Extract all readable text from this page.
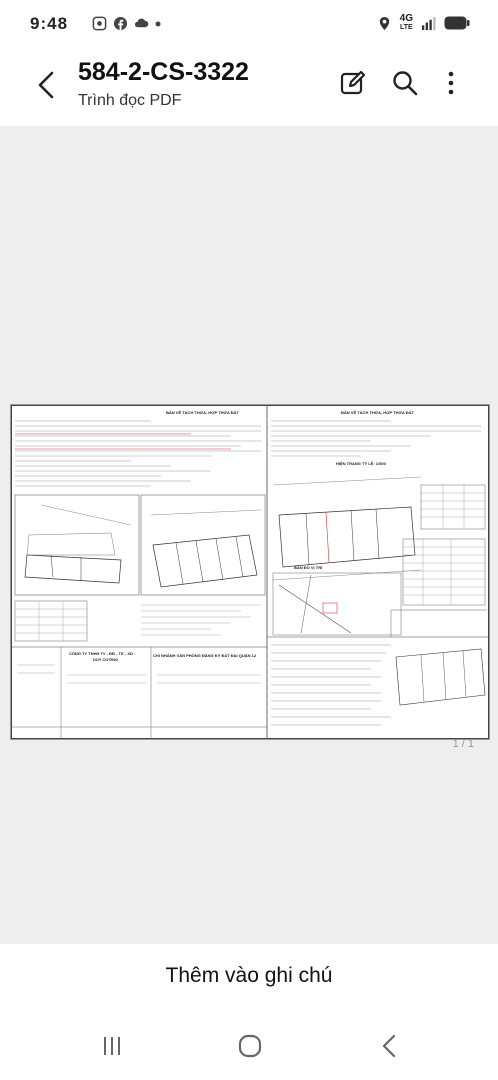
9:48	4G
LTE
584-2-CS-3322
Trình đọc PDF
BẢN VẼ TÁCH THỬA, HỢP THỬA ĐẤT	BẢN VẼ TÁCH THỬA, HỢP THỬA ĐẤT
CÔNG TY TNHH TV - ĐĐ - TK - XD
DUY CƯỜNG
CHI NHÁNH VĂN PHÒNG ĐĂNG KÝ ĐẤT ĐAI QUẬN 12
HIỆN TRẠNG TỶ LỆ: 1/500
BẢN ĐỒ VỊ TRÍ
1 / 1
Thêm vào ghi chú
